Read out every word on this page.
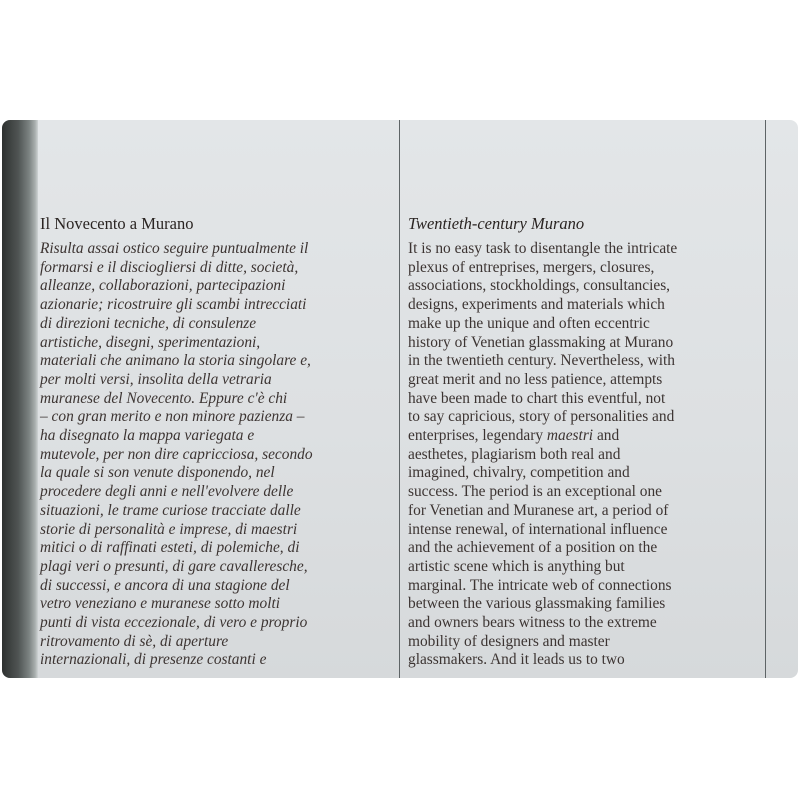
Il Novecento a Murano
Risulta assai ostico seguire puntualmente il
formarsi e il disciogliersi di ditte, società,
alleanze, collaborazioni, partecipazioni
azionarie; ricostruire gli scambi intrecciati
di direzioni tecniche, di consulenze
artistiche, disegni, sperimentazioni,
materiali che animano la storia singolare e,
per molti versi, insolita della vetraria
muranese del Novecento. Eppure c'è chi
– con gran merito e non minore pazienza –
ha disegnato la mappa variegata e
mutevole, per non dire capricciosa, secondo
la quale si son venute disponendo, nel
procedere degli anni e nell'evolvere delle
situazioni, le trame curiose tracciate dalle
storie di personalità e imprese, di maestri
mitici o di raffinati esteti, di polemiche, di
plagi veri o presunti, di gare cavalleresche,
di successi, e ancora di una stagione del
vetro veneziano e muranese sotto molti
punti di vista eccezionale, di vero e proprio
ritrovamento di sè, di aperture
internazionali, di presenze costanti e
Twentieth-century Murano
It is no easy task to disentangle the intricate
plexus of entreprises, mergers, closures,
associations, stockholdings, consultancies,
designs, experiments and materials which
make up the unique and often eccentric
history of Venetian glassmaking at Murano
in the twentieth century. Nevertheless, with
great merit and no less patience, attempts
have been made to chart this eventful, not
to say capricious, story of personalities and
enterprises, legendary maestri and
aesthetes, plagiarism both real and
imagined, chivalry, competition and
success. The period is an exceptional one
for Venetian and Muranese art, a period of
intense renewal, of international influence
and the achievement of a position on the
artistic scene which is anything but
marginal. The intricate web of connections
between the various glassmaking families
and owners bears witness to the extreme
mobility of designers and master
glassmakers. And it leads us to two
